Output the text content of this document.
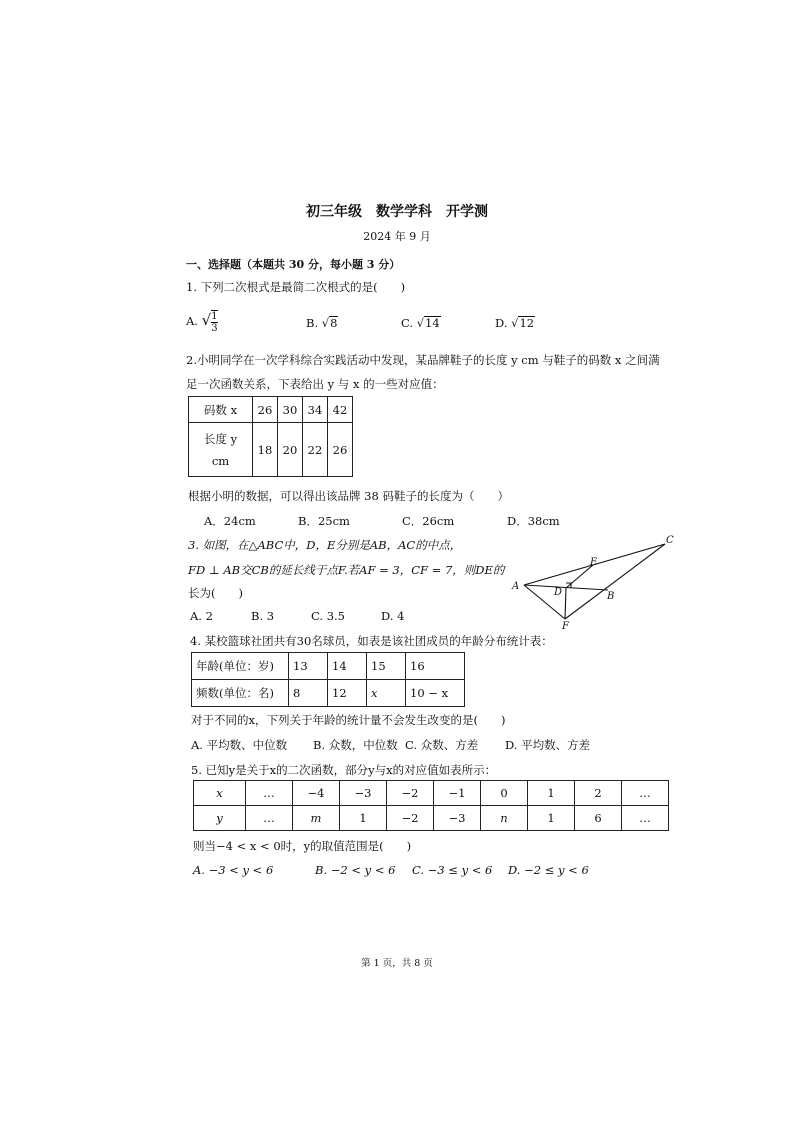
初三年级　数学学科　开学测
2024 年 9 月
一、选择题（本题共 30 分，每小题 3 分）
1. 下列二次根式是最简二次根式的是(　　)
A. √ $\frac{1}{3}$	B. √8	C. √14	D. √12
2.小明同学在一次学科综合实践活动中发现，某品牌鞋子的长度 y cm 与鞋子的码数 x 之间满
足一次函数关系，下表给出 y 与 x 的一些对应值：
码数 x	26	30	34	42
长度 y
cm	18	20	22	26
根据小明的数据，可以得出该品牌 38 码鞋子的长度为（　　）
A．24cm	B．25cm	C．26cm	D．38cm
3. 如图，在△ABC中，D，E分别是AB，AC的中点，
FD ⊥ AB交CB的延长线于点F.若AF = 3，CF = 7，则DE的
长为(　　)
A. 2	B. 3	C. 3.5	D. 4
A
B
C
D
E
F
4. 某校篮球社团共有30名球员，如表是该社团成员的年龄分布统计表：
年龄(单位：岁)	13	14	15	16
频数(单位：名)	8	12	x	10 − x
对于不同的x，下列关于年龄的统计量不会发生改变的是(　　)
A. 平均数、中位数 B. 众数，中位数 C. 众数、方差 D. 平均数、方差
5. 已知y是关于x的二次函数，部分y与x的对应值如表所示：
x	…	−4	−3	−2	−1	0	1	2	…
y	…	m	1	−2	−3	n	1	6	…
则当−4 < x < 0时，y的取值范围是(　　)
A. −3 < y < 6	B. −2 < y < 6 C. −3 ≤ y < 6 D. −2 ≤ y < 6
第 1 页，共 8 页
